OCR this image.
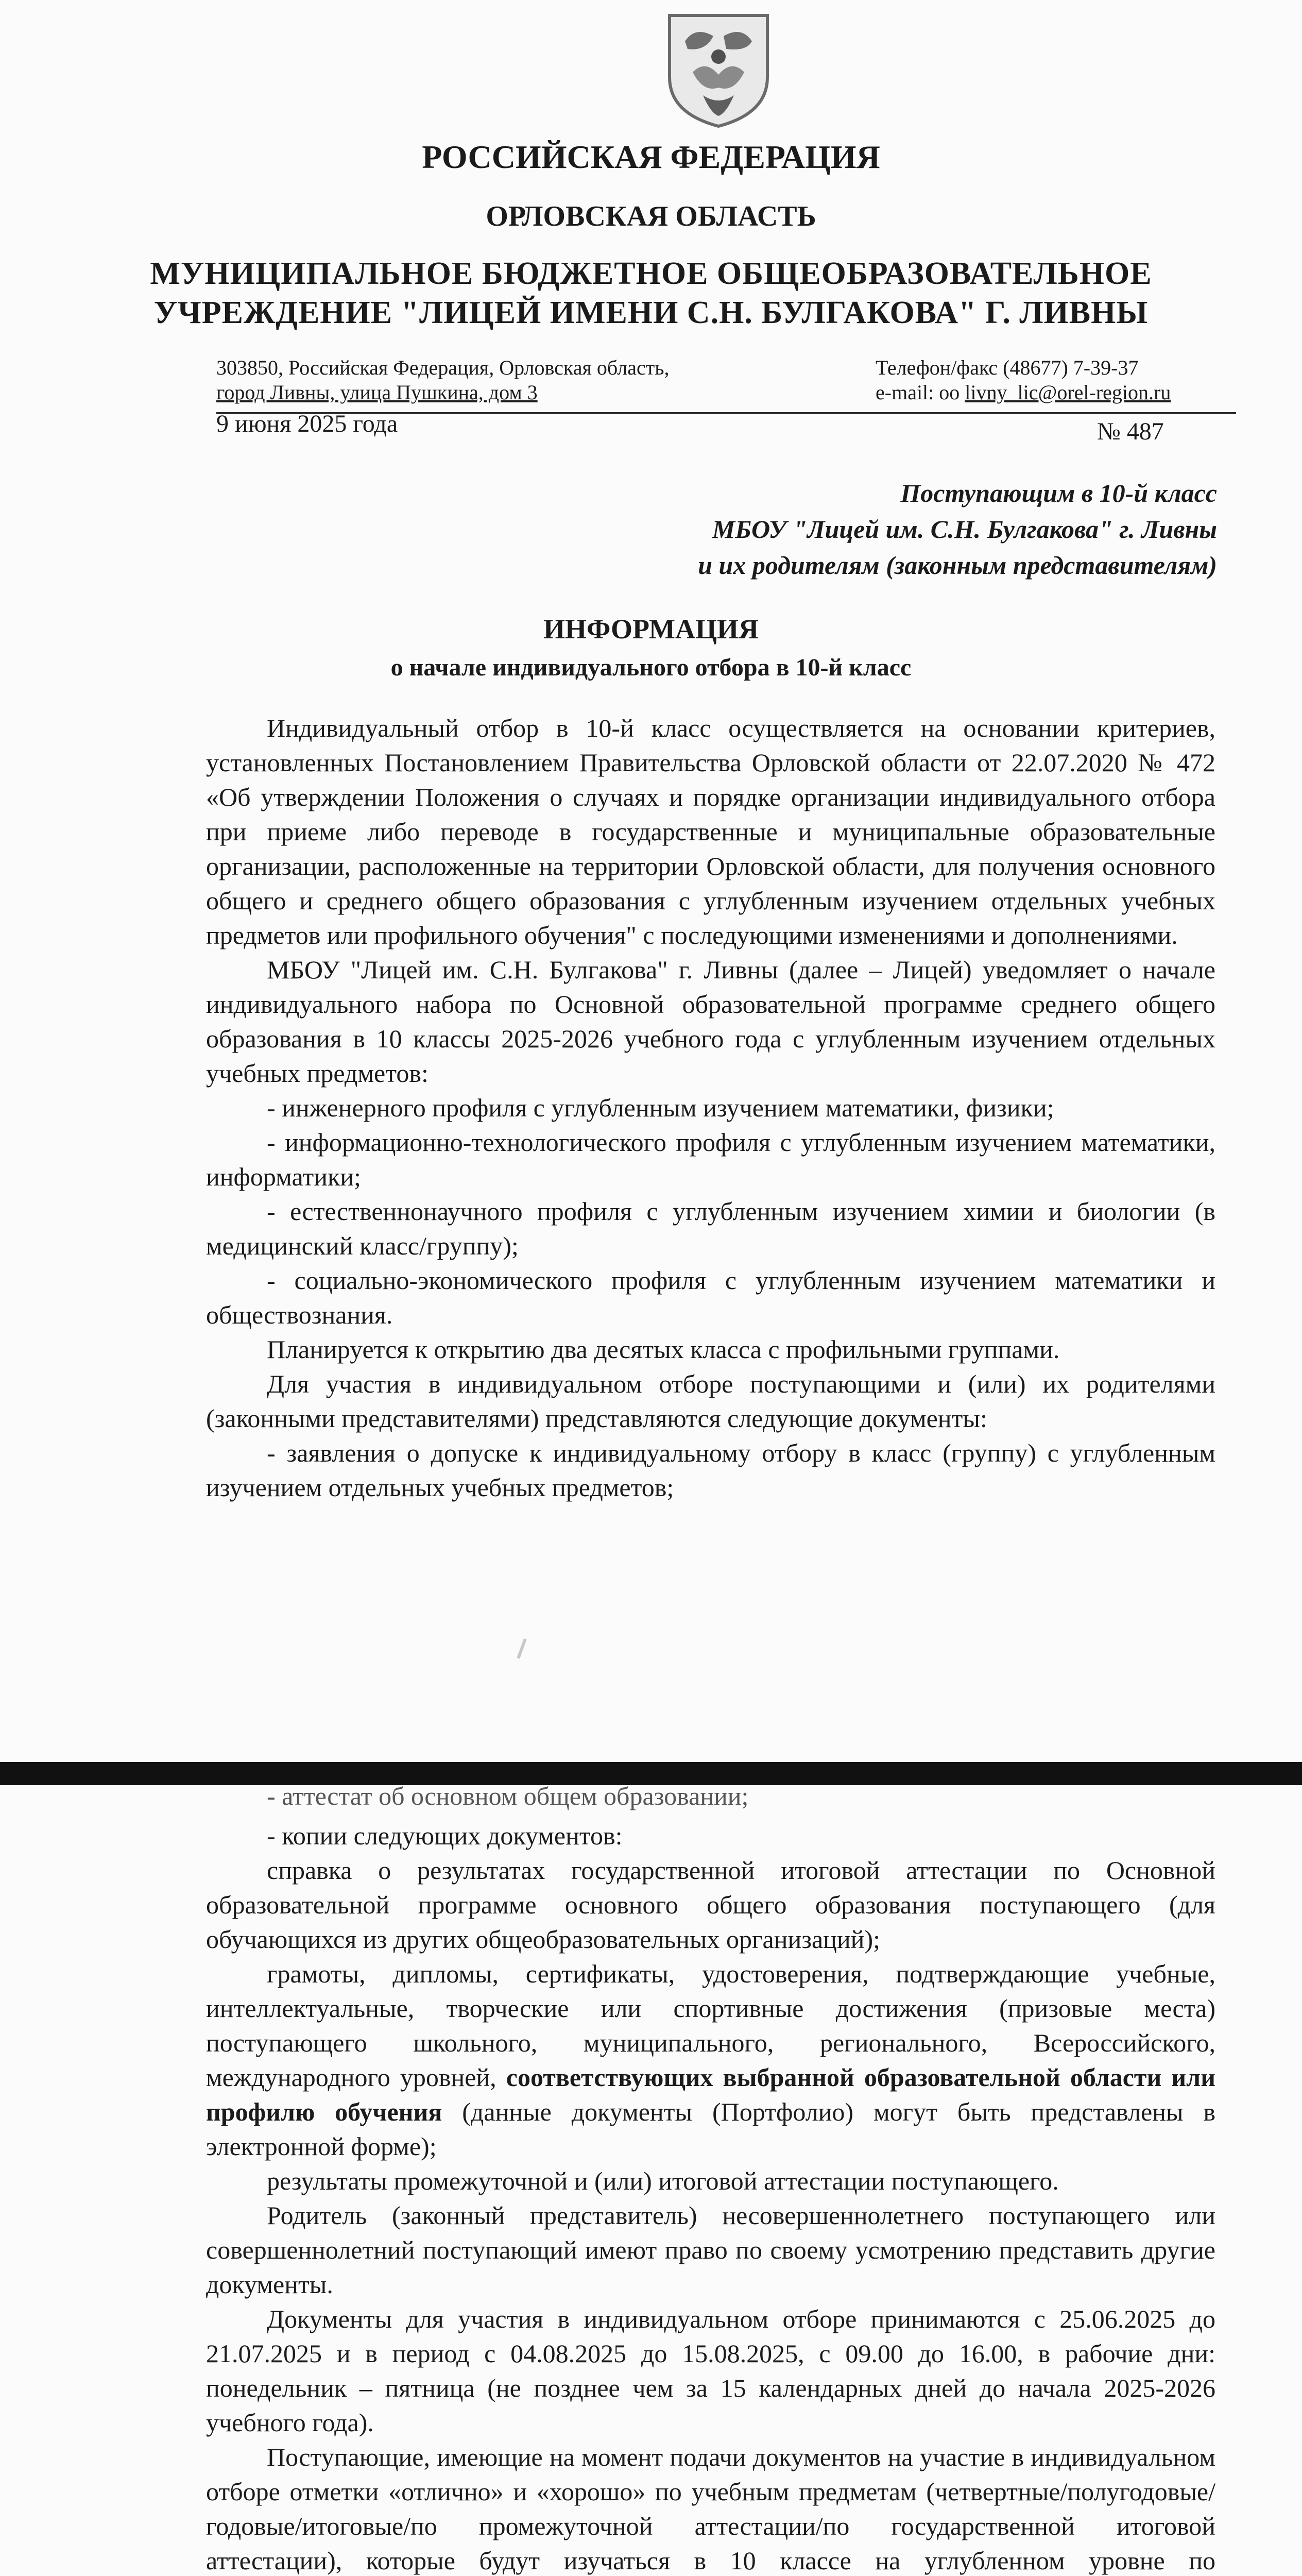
РОССИЙСКАЯ ФЕДЕРАЦИЯ
ОРЛОВСКАЯ ОБЛАСТЬ
МУНИЦИПАЛЬНОЕ БЮДЖЕТНОЕ ОБЩЕОБРАЗОВАТЕЛЬНОЕ
УЧРЕЖДЕНИЕ "ЛИЦЕЙ ИМЕНИ С.Н. БУЛГАКОВА" Г. ЛИВНЫ
303850, Российская Федерация, Орловская область,
город Ливны, улица Пушкина, дом 3
Телефон/факс (48677) 7-39-37
e-mail: oo livny_lic@orel-region.ru
9 июня 2025 года	№ 487
Поступающим в 10-й класс
МБОУ "Лицей им. С.Н. Булгакова" г. Ливны
и их родителям (законным представителям)
ИНФОРМАЦИЯ
о начале индивидуального отбора в 10-й класс

Индивидуальный отбор в 10-й класс осуществляется на основании критериев, установленных Постановлением Правительства Орловской области от 22.07.2020 № 472 «Об утверждении Положения о случаях и порядке организации индивидуального отбора при приеме либо переводе в государственные и муниципальные образовательные организации, расположенные на территории Орловской области, для получения основного общего и среднего общего образования с углубленным изучением отдельных учебных предметов или профильного обучения" с последующими изменениями и дополнениями.

МБОУ "Лицей им. С.Н. Булгакова" г. Ливны (далее – Лицей) уведомляет о начале индивидуального набора по Основной образовательной программе среднего общего образования в 10 классы 2025-2026 учебного года с углубленным изучением отдельных учебных предметов:

- инженерного профиля с углубленным изучением математики, физики;

- информационно-технологического профиля с углубленным изучением математики, информатики;

- естественнонаучного профиля с углубленным изучением химии и биологии (в медицинский класс/группу);

- социально-экономического профиля с углубленным изучением математики и обществознания.

Планируется к открытию два десятых класса с профильными группами.

Для участия в индивидуальном отборе поступающими и (или) их родителями (законными представителями) представляются следующие документы:

- заявления о допуске к индивидуальному отбору в класс (группу) с углубленным изучением отдельных учебных предметов;

- аттестат об основном общем образовании;

- копии следующих документов:

справка о результатах государственной итоговой аттестации по Основной образовательной программе основного общего образования поступающего (для обучающихся из других общеобразовательных организаций);

грамоты, дипломы, сертификаты, удостоверения, подтверждающие учебные, интеллектуальные, творческие или спортивные достижения (призовые места) поступающего школьного, муниципального, регионального, Всероссийского, международного уровней, соответствующих выбранной образовательной области или профилю обучения (данные документы (Портфолио) могут быть представлены в электронной форме);

результаты промежуточной и (или) итоговой аттестации поступающего.

Родитель (законный представитель) несовершеннолетнего поступающего или совершеннолетний поступающий имеют право по своему усмотрению представить другие документы.

Документы для участия в индивидуальном отборе принимаются с 25.06.2025 до 21.07.2025 и в период с 04.08.2025 до 15.08.2025, с 09.00 до 16.00, в рабочие дни: понедельник – пятница (не позднее чем за 15 календарных дней до начала 2025-2026 учебного года).

Поступающие, имеющие на момент подачи документов на участие в индивидуальном отборе отметки «отлично» и «хорошо» по учебным предметам (четвертные/полугодовые/годовые/итоговые/по промежуточной аттестации/по государственной итоговой аттестации), которые будут изучаться в 10 классе на углубленном уровне по
